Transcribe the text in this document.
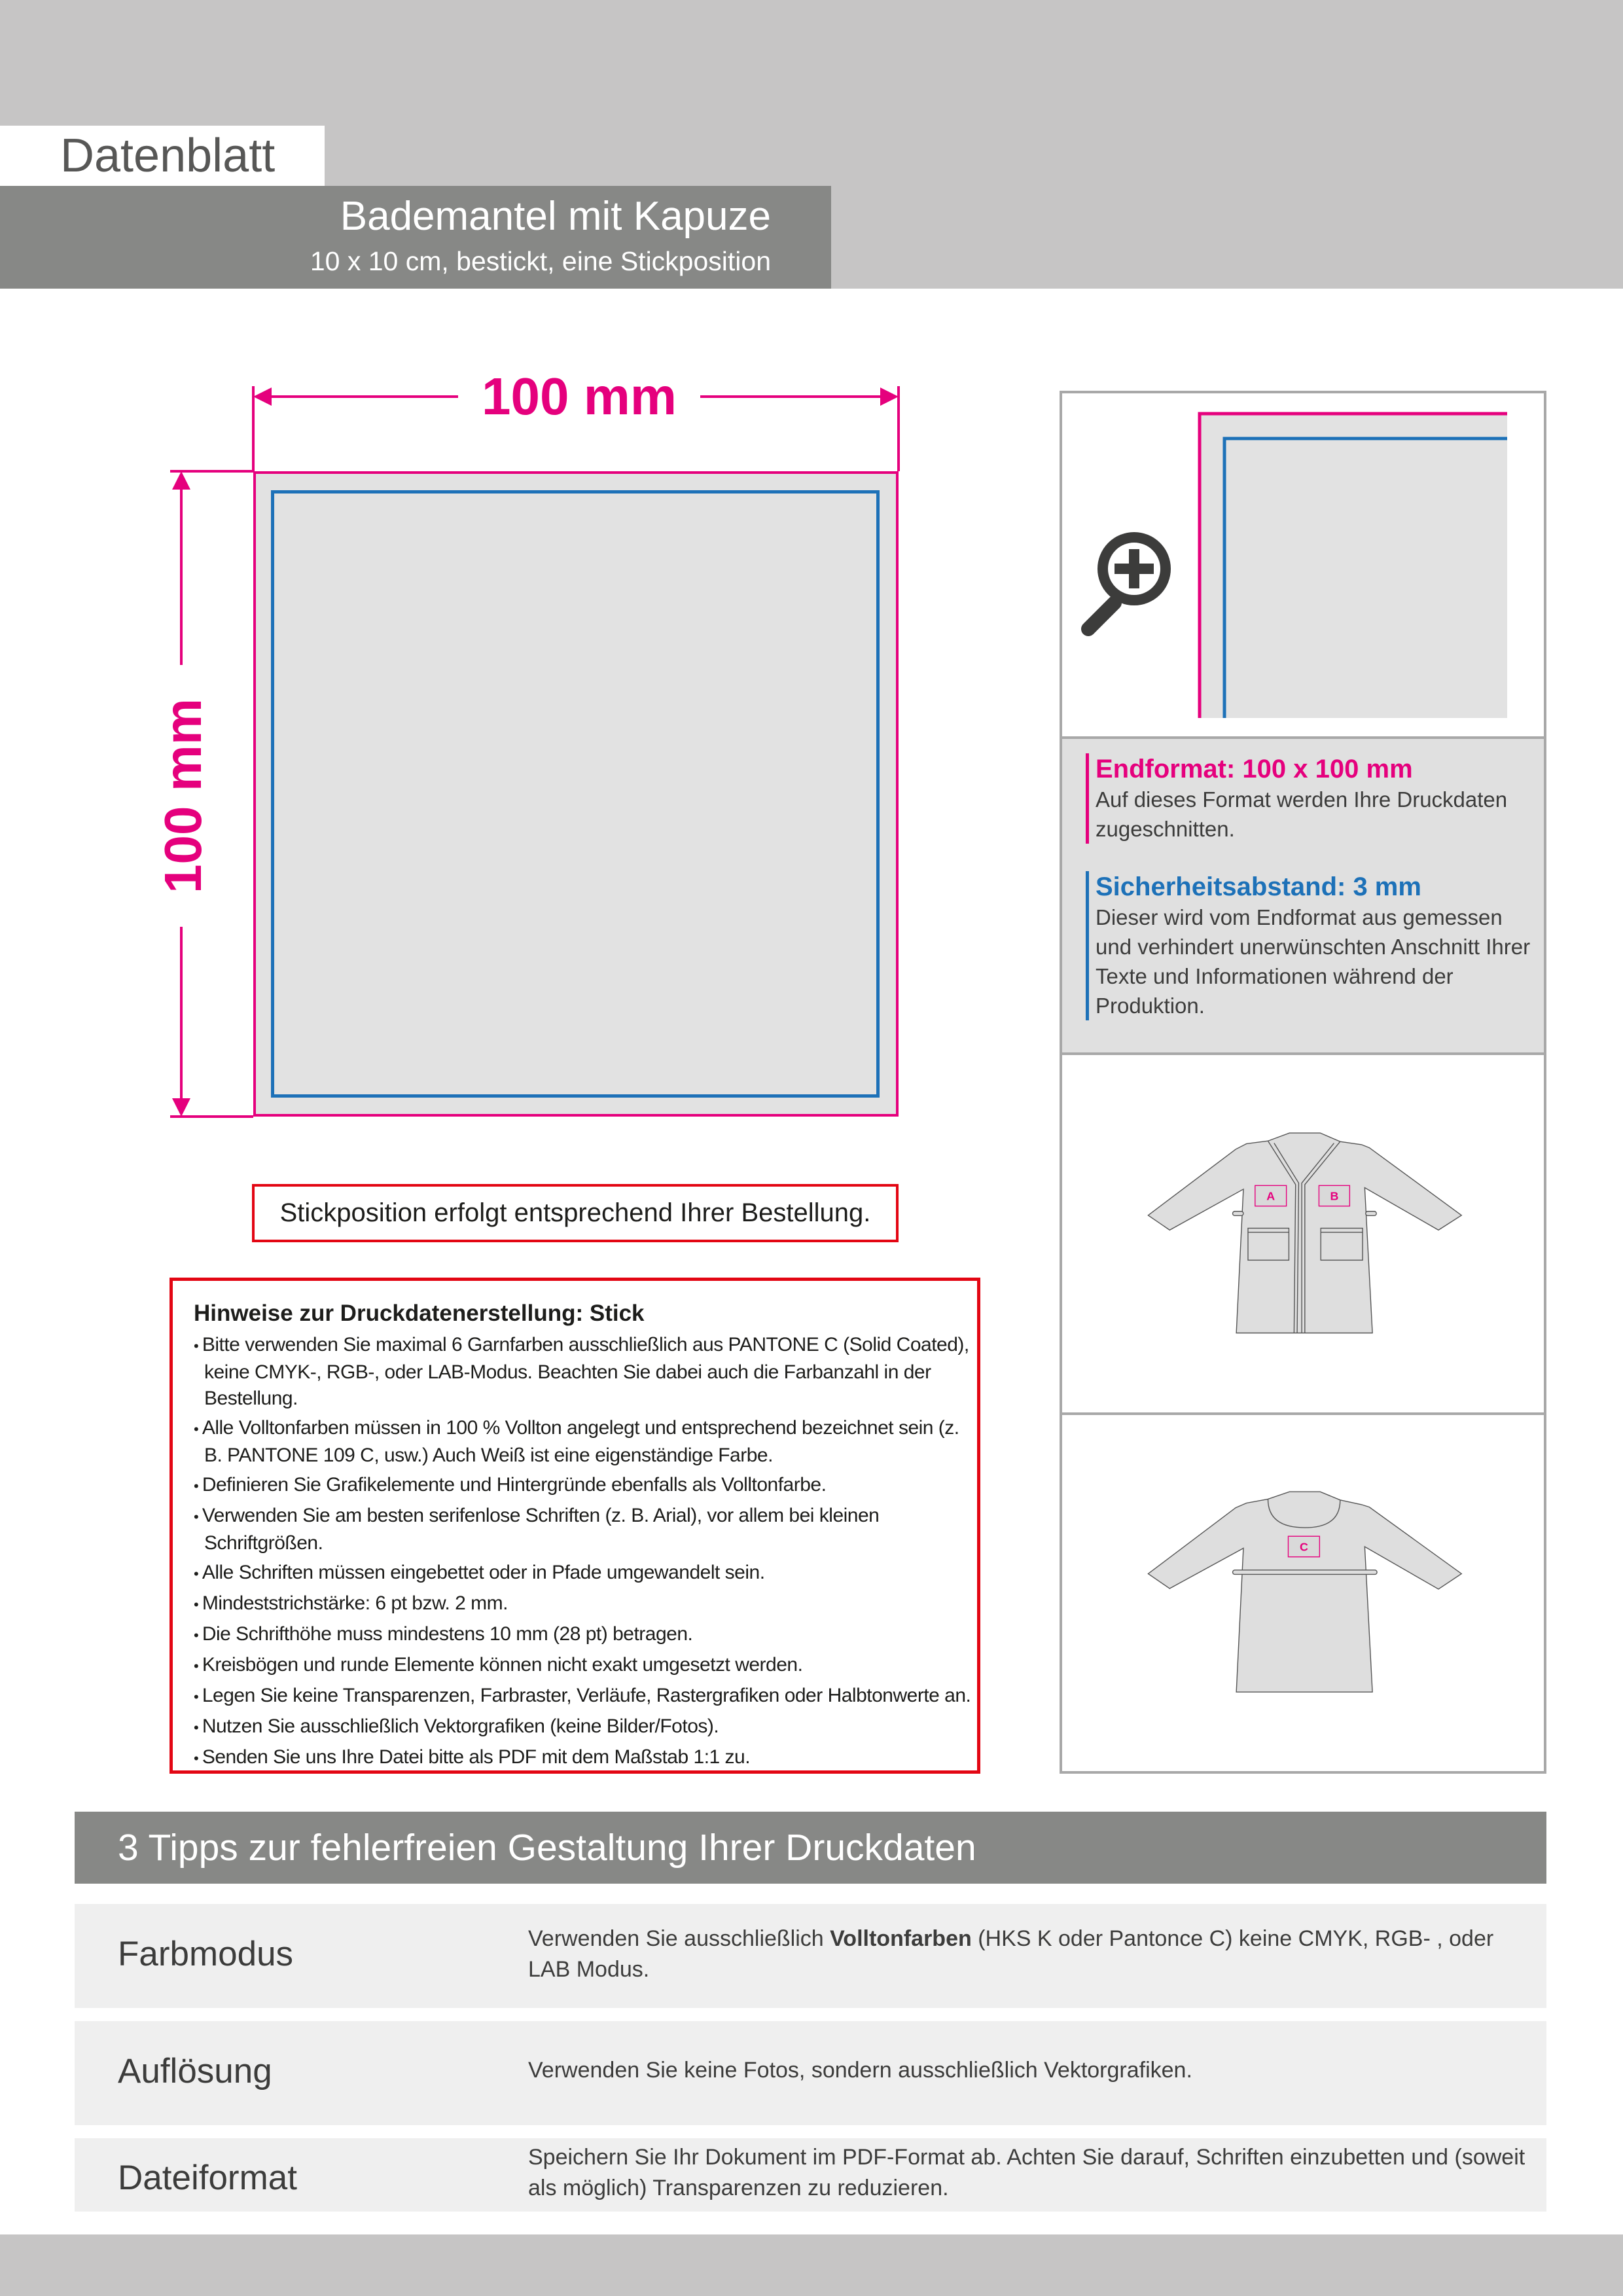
Datenblatt
Bademantel mit Kapuze
10 x 10 cm, bestickt, eine Stickposition
100 mm
100 mm
Stickposition erfolgt entsprechend Ihrer Bestellung.
Hinweise zur Druckdatenerstellung: Stick
• Bitte verwenden Sie maximal 6 Garnfarben ausschließlich aus PANTONE C (Solid Coated), keine CMYK-, RGB-, oder LAB-Modus. Beachten Sie dabei auch die Farbanzahl in der Bestellung.
• Alle Volltonfarben müssen in 100 % Vollton angelegt und entsprechend bezeichnet sein (z. B. PANTONE 109 C, usw.) Auch Weiß ist eine eigenständige Farbe.
• Definieren Sie Grafikelemente und Hintergründe ebenfalls als Volltonfarbe.
• Verwenden Sie am besten serifenlose Schriften (z. B. Arial), vor allem bei kleinen Schriftgrößen.
• Alle Schriften müssen eingebettet oder in Pfade umgewandelt sein.
• Mindeststrichstärke: 6 pt bzw. 2 mm.
• Die Schrifthöhe muss mindestens 10 mm (28 pt) betragen.
• Kreisbögen und runde Elemente können nicht exakt umgesetzt werden.
• Legen Sie keine Transparenzen, Farbraster, Verläufe, Rastergrafiken oder Halbtonwerte an.
• Nutzen Sie ausschließlich Vektorgrafiken (keine Bilder/Fotos).
• Senden Sie uns Ihre Datei bitte als PDF mit dem Maßstab 1:1 zu.
Endformat: 100 x 100 mm

Auf dieses Format werden Ihre Druckdaten zugeschnitten.

Sicherheitsabstand: 3 mm

Dieser wird vom Endformat aus gemessen und verhindert unerwünschten Anschnitt Ihrer Texte und Informationen während der Produktion.

A B
C
3 Tipps zur fehlerfreien Gestaltung Ihrer Druckdaten
Farbmodus	Verwenden Sie ausschließlich Volltonfarben (HKS K oder Pantonce C) keine CMYK, RGB- , oder LAB Modus.
Auflösung	Verwenden Sie keine Fotos, sondern ausschließlich Vektorgrafiken.
Dateiformat
Speichern Sie Ihr Dokument im PDF-Format ab. Achten Sie darauf, Schriften einzubetten und (soweit als möglich) Transparenzen zu reduzieren.
